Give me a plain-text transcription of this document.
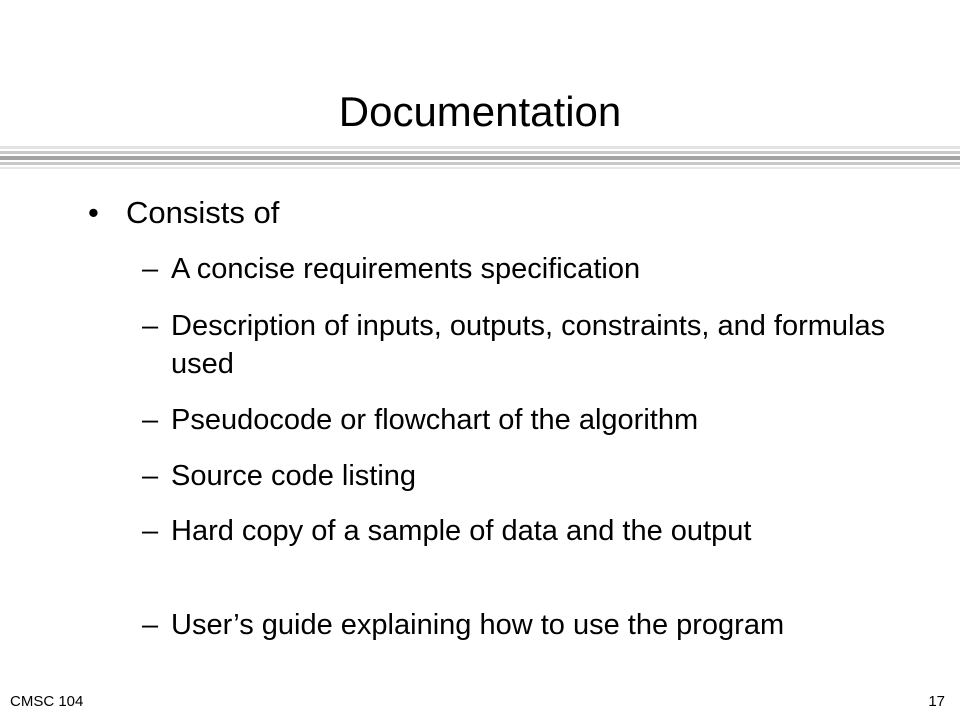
Documentation
• Consists of
– A concise requirements specification
– Description of inputs, outputs, constraints, and formulas used
– Pseudocode or flowchart of the algorithm
– Source code listing
– Hard copy of a sample of data and the output
– User’s guide explaining how to use the program
CMSC 104	17
